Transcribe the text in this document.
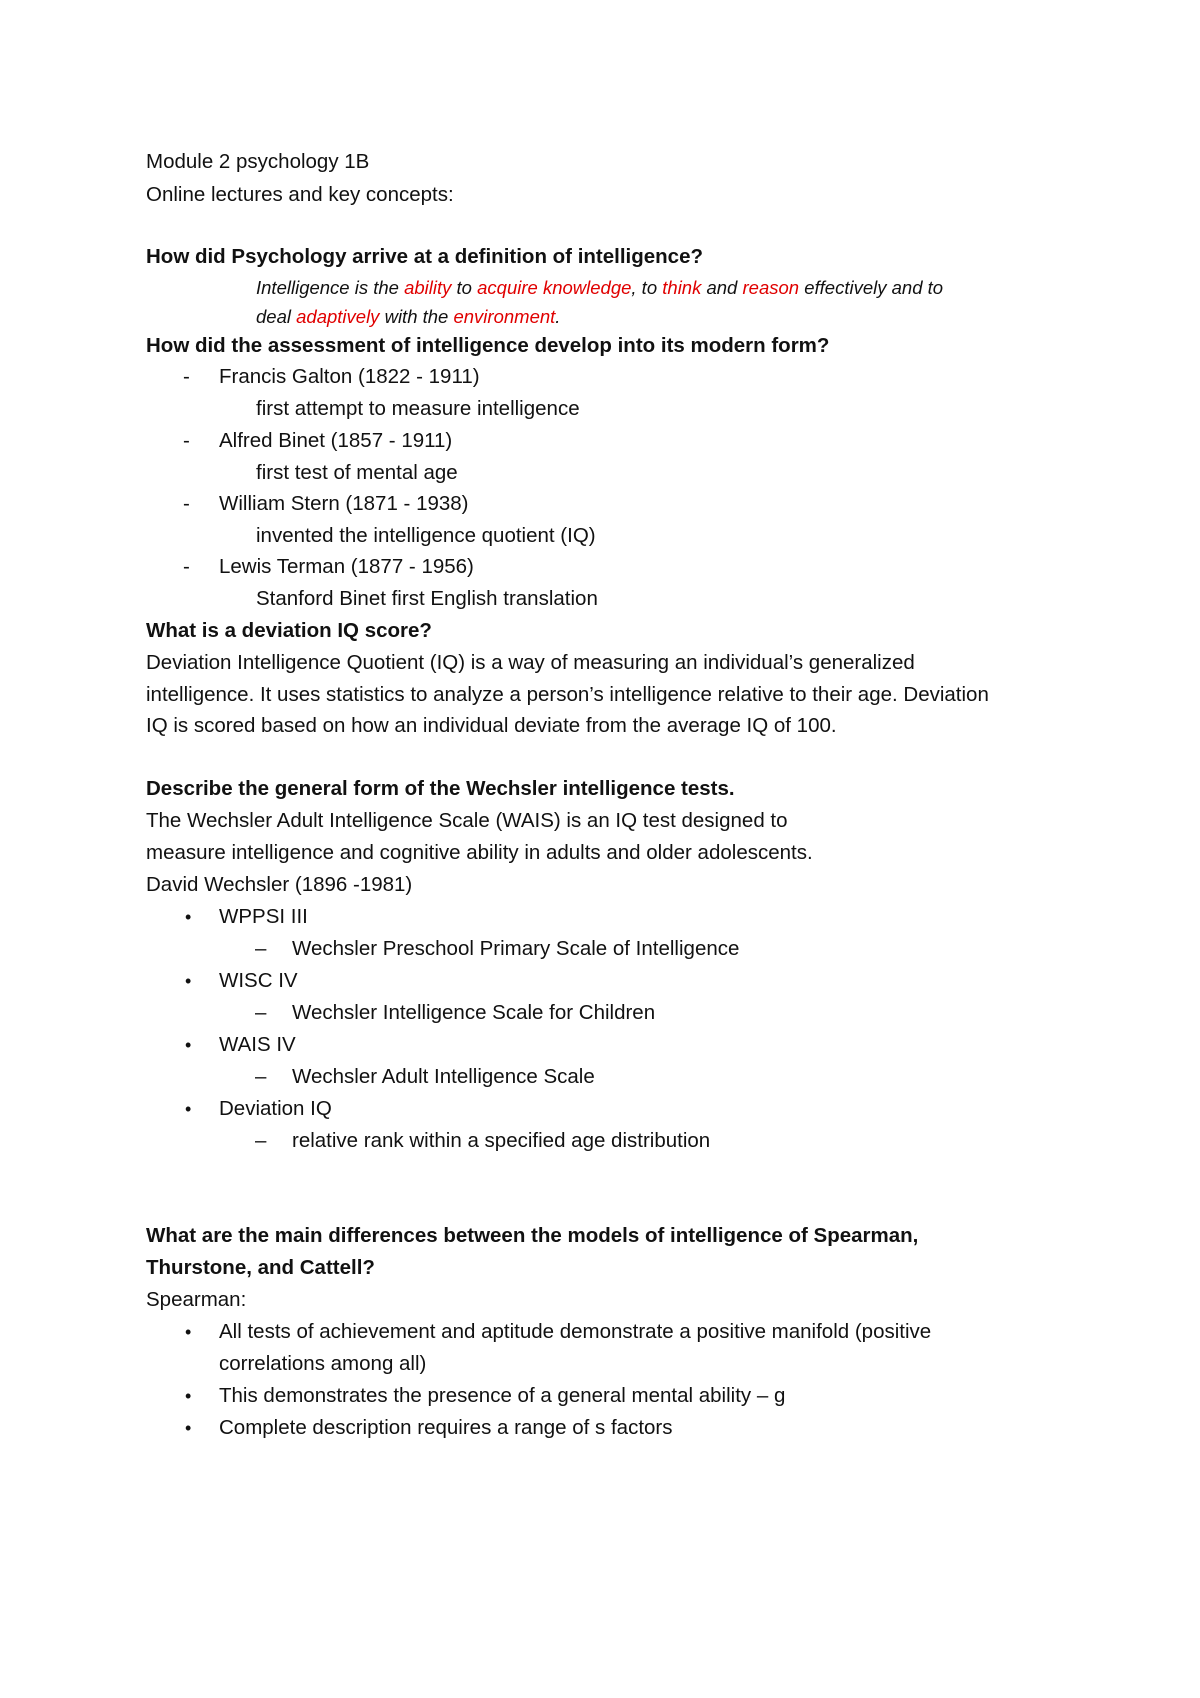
Module 2 psychology 1B
Online lectures and key concepts:
How did Psychology arrive at a definition of intelligence?
Intelligence is the ability to acquire knowledge, to think and reason effectively and to
deal adaptively with the environment.
How did the assessment of intelligence develop into its modern form?
- Francis Galton (1822 - 1911)
first attempt to measure intelligence
- Alfred Binet (1857 - 1911)
first test of mental age
- William Stern (1871 - 1938)
invented the intelligence quotient (IQ)
- Lewis Terman (1877 - 1956)
Stanford Binet first English translation
What is a deviation IQ score?
Deviation Intelligence Quotient (IQ) is a way of measuring an individual’s generalized
intelligence. It uses statistics to analyze a person’s intelligence relative to their age. Deviation
IQ is scored based on how an individual deviate from the average IQ of 100.
Describe the general form of the Wechsler intelligence tests.
The Wechsler Adult Intelligence Scale (WAIS) is an IQ test designed to
measure intelligence and cognitive ability in adults and older adolescents.
David Wechsler (1896 -1981)
• WPPSI III
– Wechsler Preschool Primary Scale of Intelligence
• WISC IV
– Wechsler Intelligence Scale for Children
• WAIS IV
– Wechsler Adult Intelligence Scale
• Deviation IQ
– relative rank within a specified age distribution
What are the main differences between the models of intelligence of Spearman,
Thurstone, and Cattell?
Spearman:
• All tests of achievement and aptitude demonstrate a positive manifold (positive
correlations among all)
• This demonstrates the presence of a general mental ability – g
• Complete description requires a range of s factors
